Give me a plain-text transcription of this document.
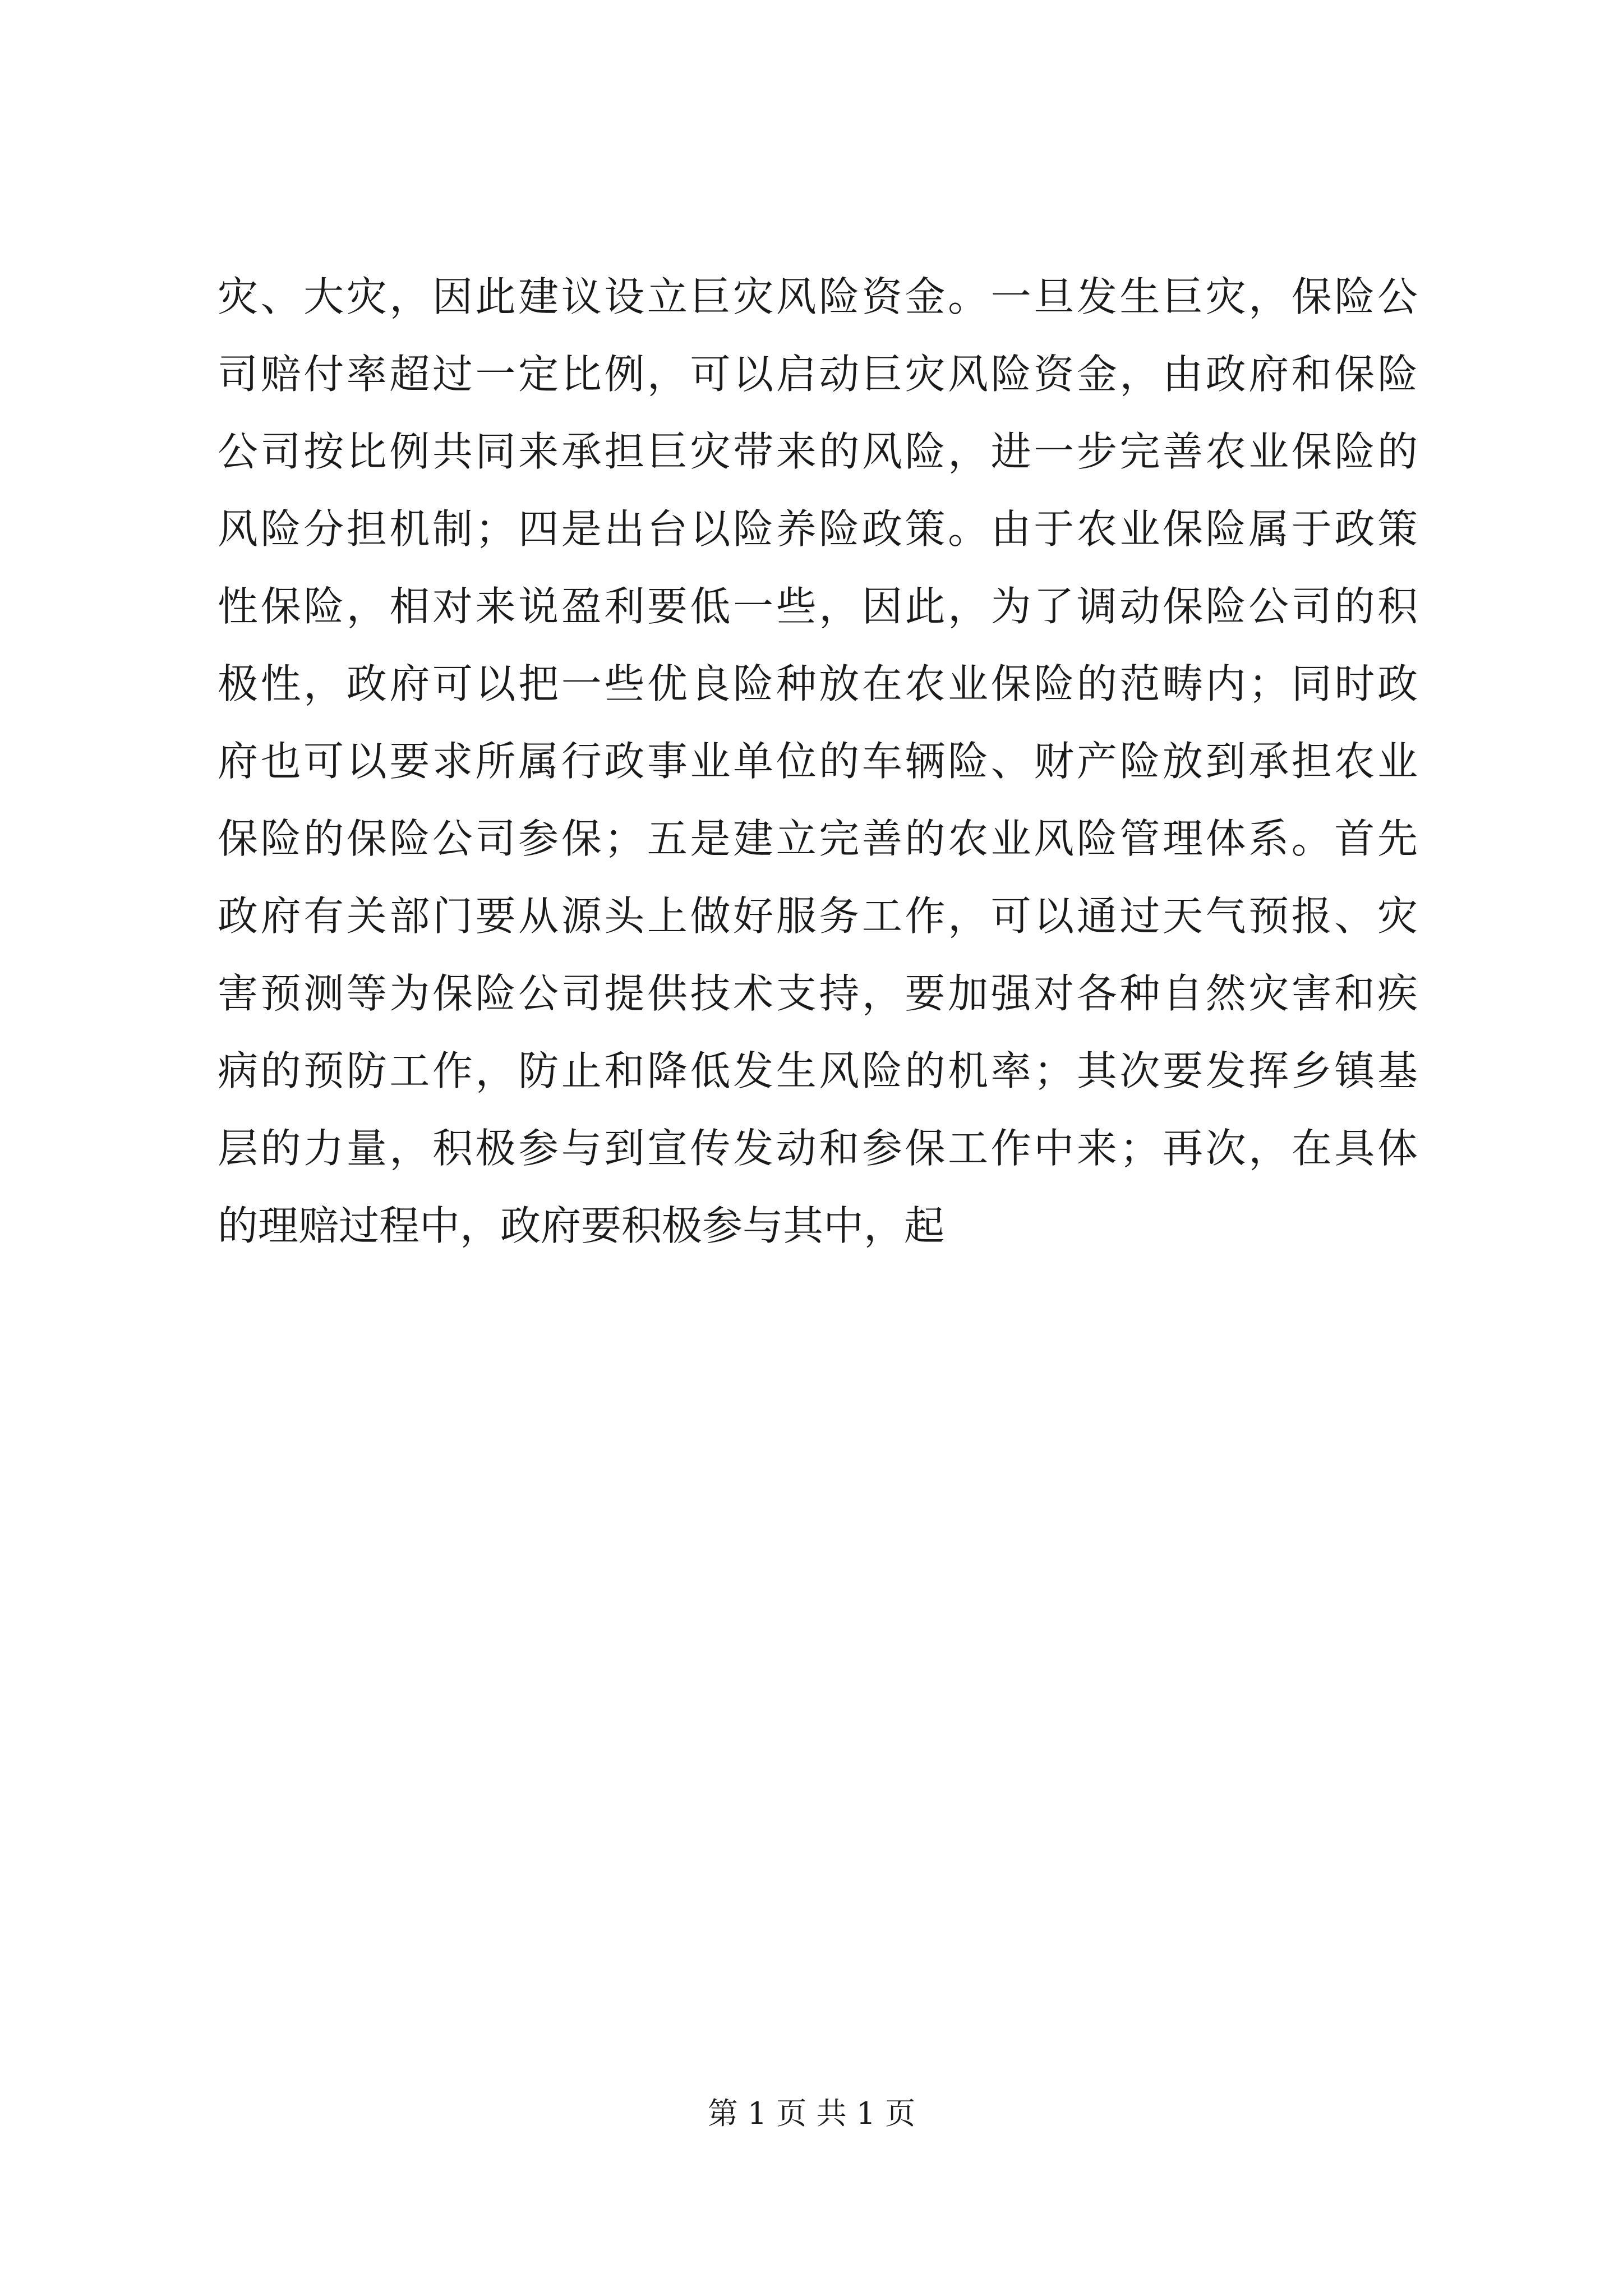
灾、大灾，因此建议设立巨灾风险资金。一旦发生巨灾，保险公
司赔付率超过一定比例，可以启动巨灾风险资金，由政府和保险
公司按比例共同来承担巨灾带来的风险，进一步完善农业保险的
风险分担机制；四是出台以险养险政策。由于农业保险属于政策
性保险，相对来说盈利要低一些，因此，为了调动保险公司的积
极性，政府可以把一些优良险种放在农业保险的范畴内；同时政
府也可以要求所属行政事业单位的车辆险、财产险放到承担农业
保险的保险公司参保；五是建立完善的农业风险管理体系。首先
政府有关部门要从源头上做好服务工作，可以通过天气预报、灾
害预测等为保险公司提供技术支持，要加强对各种自然灾害和疾
病的预防工作，防止和降低发生风险的机率；其次要发挥乡镇基
层的力量，积极参与到宣传发动和参保工作中来；再次，在具体
的理赔过程中，政府要积极参与其中，起
第 1 页 共 1 页
